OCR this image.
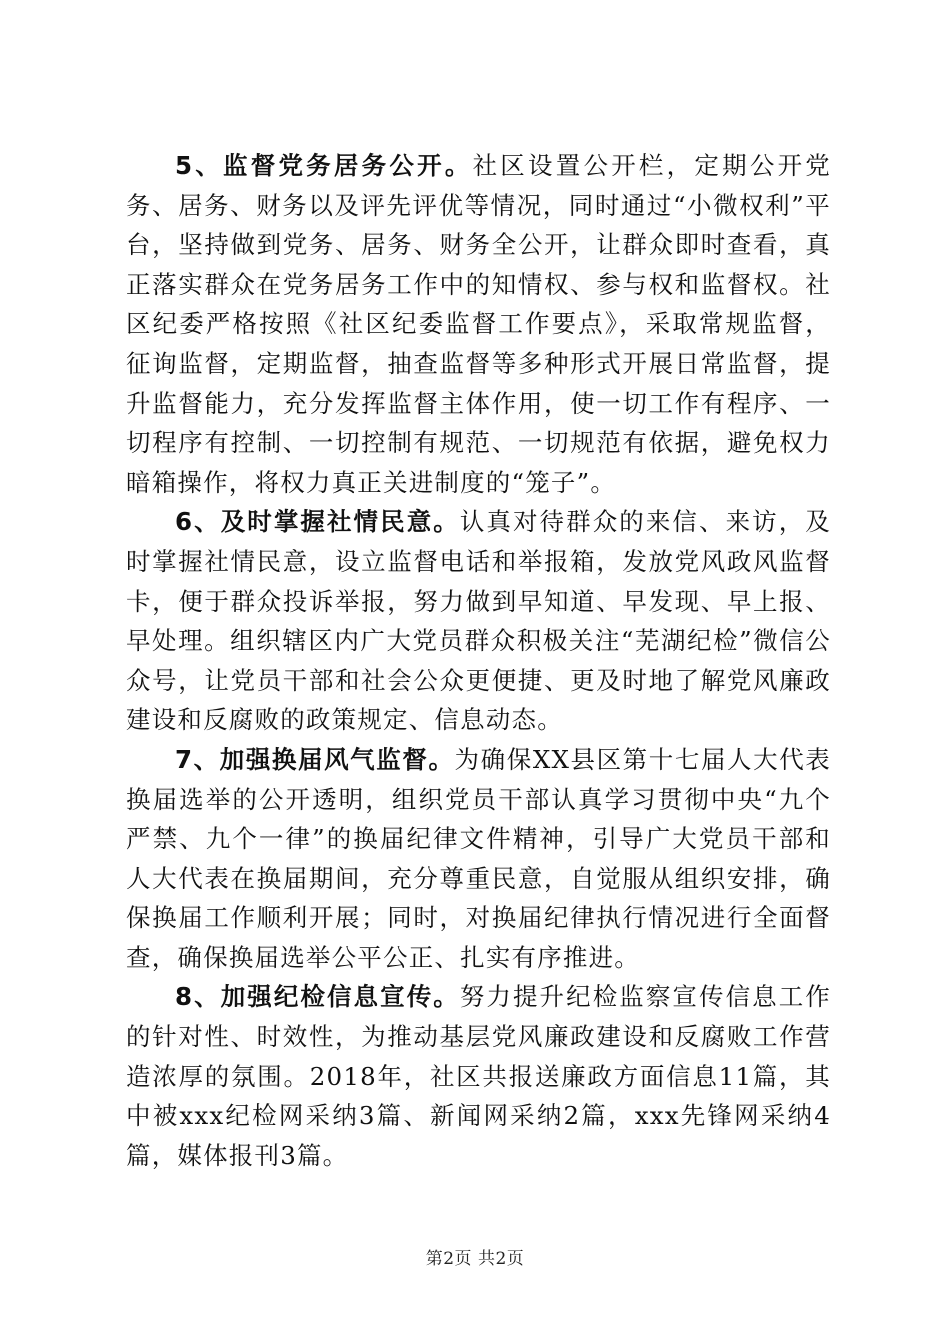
5、监督党务居务公开。社区设置公开栏，定期公开党务、居务、财务以及评先评优等情况，同时通过“小微权利”平台，坚持做到党务、居务、财务全公开，让群众即时查看，真正落实群众在党务居务工作中的知情权、参与权和监督权。社区纪委严格按照《社区纪委监督工作要点》，采取常规监督，征询监督，定期监督，抽查监督等多种形式开展日常监督，提升监督能力，充分发挥监督主体作用，使一切工作有程序、一切程序有控制、一切控制有规范、一切规范有依据，避免权力暗箱操作，将权力真正关进制度的“笼子”。

6、及时掌握社情民意。认真对待群众的来信、来访，及时掌握社情民意，设立监督电话和举报箱，发放党风政风监督卡，便于群众投诉举报，努力做到早知道、早发现、早上报、早处理。组织辖区内广大党员群众积极关注“芜湖纪检”微信公众号，让党员干部和社会公众更便捷、更及时地了解党风廉政建设和反腐败的政策规定、信息动态。

7、加强换届风气监督。为确保XX县区第十七届人大代表换届选举的公开透明，组织党员干部认真学习贯彻中央“九个严禁、九个一律”的换届纪律文件精神，引导广大党员干部和人大代表在换届期间，充分尊重民意，自觉服从组织安排，确保换届工作顺利开展；同时，对换届纪律执行情况进行全面督查，确保换届选举公平公正、扎实有序推进。

8、加强纪检信息宣传。努力提升纪检监察宣传信息工作的针对性、时效性，为推动基层党风廉政建设和反腐败工作营造浓厚的氛围。2018年，社区共报送廉政方面信息11篇，其中被xxx纪检网采纳3篇、新闻网采纳2篇，xxx先锋网采纳4篇，媒体报刊3篇。

第2页 共2页
